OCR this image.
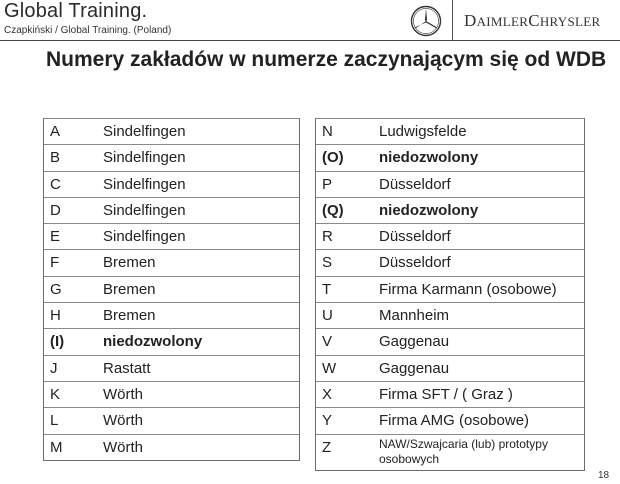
Global Training.
Czapkiński / Global Training. (Poland)
DAIMLERCHRYSLER
Numery zakładów w numerze zaczynającym się od WDB
A	Sindelfingen
B	Sindelfingen
C	Sindelfingen
D	Sindelfingen
E	Sindelfingen
F	Bremen
G	Bremen
H	Bremen
(I)	niedozwolony
J	Rastatt
K	Wörth
L	Wörth
M	Wörth
N	Ludwigsfelde
(O) niedozwolony
P	Düsseldorf
(Q) niedozwolony
R	Düsseldorf
S	Düsseldorf
T	Firma Karmann (osobowe)
U	Mannheim
V	Gaggenau
W	Gaggenau
X	Firma SFT / ( Graz )
Y	Firma AMG (osobowe)
Z	NAW/Szwajcaria (lub) prototypy osobowych
18
